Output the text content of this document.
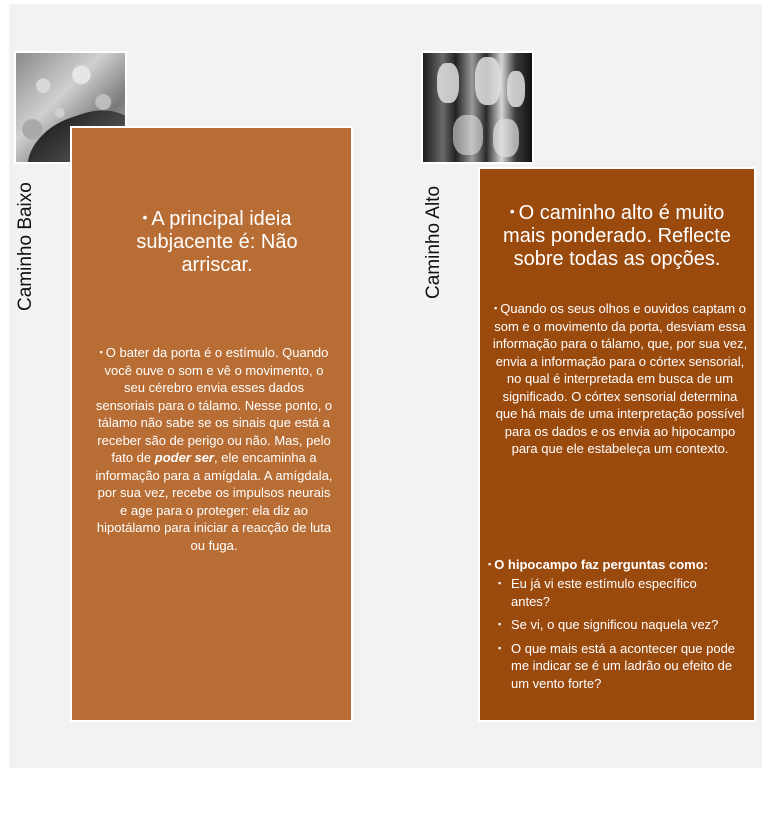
Caminho Baixo	• A principal ideia subjacente é: Não arriscar.
▪ O bater da porta é o estímulo. Quando você ouve o som e vê o movimento, o seu cérebro envia esses dados sensoriais para o tálamo. Nesse ponto, o tálamo não sabe se os sinais que está a receber são de perigo ou não. Mas, pelo fato de poder ser, ele encaminha a informação para a amígdala. A amígdala, por sua vez, recebe os impulsos neurais e age para o proteger: ela diz ao hipotálamo para iniciar a reacção de luta ou fuga.
Caminho Alto	• O caminho alto é muito mais ponderado. Reflecte sobre todas as opções.
▪ Quando os seus olhos e ouvidos captam o som e o movimento da porta, desviam essa informação para o tálamo, que, por sua vez, envia a informação para o córtex sensorial, no qual é interpretada em busca de um significado. O córtex sensorial determina que há mais de uma interpretação possível para os dados e os envia ao hipocampo para que ele estabeleça um contexto.
▪ O hipocampo faz perguntas como:
▪ Eu já vi este estímulo específico antes?
▪ Se vi, o que significou naquela vez?
▪ O que mais está a acontecer que pode me indicar se é um ladrão ou efeito de um vento forte?
